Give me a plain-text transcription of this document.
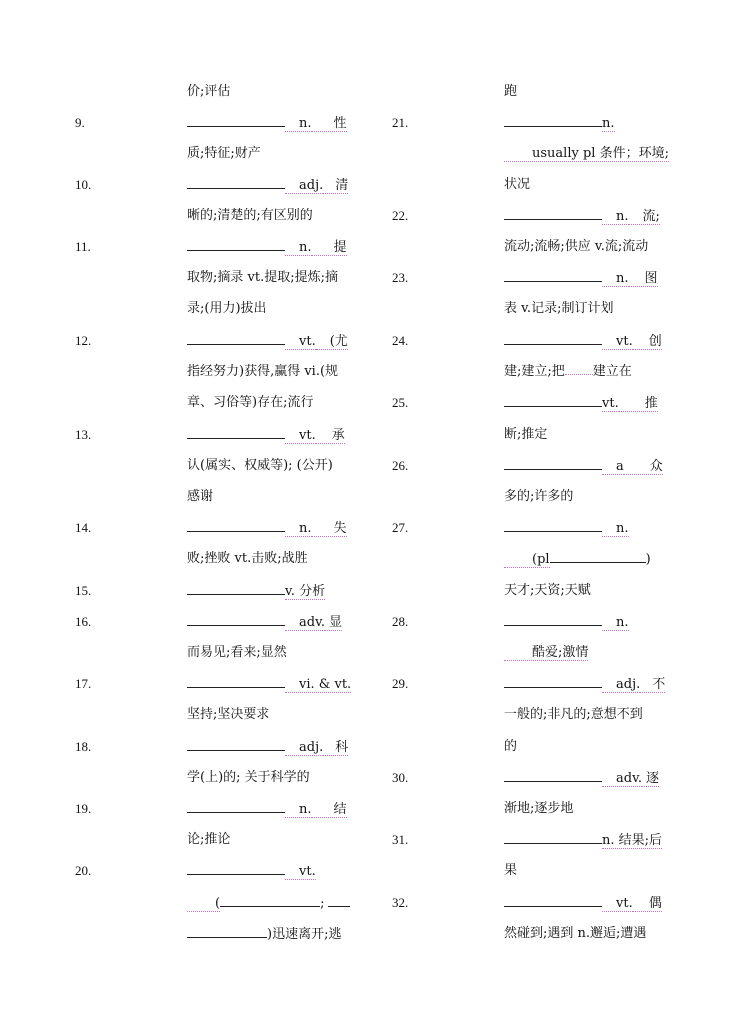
价;评估
9.	n. 性
质;特征;财产
10.	adj. 清
晰的;清楚的;有区别的
11.	n. 提
取物;摘录 vt.提取;提炼;摘
录;(用力)拔出
12.	vt. (尤
指经努力)获得,赢得 vi.(规
章、习俗等)存在;流行
13.	vt. 承
认(属实、权威等); (公开)
感谢
14.	n. 失
败;挫败 vt.击败;战胜
15.	v. 分析
16.	adv. 显
而易见;看来;显然
17.	vi. & vt.
坚持;坚决要求
18.	adj. 科
学(上)的; 关于科学的
19.	n. 结
论;推论
20.	vt.
(	;
)迅速离开;逃
跑
21.	n.
usually pl 条件；环境;
状况
22.	n. 流;
流动;流畅;供应 v.流;流动
23.	n. 图
表 v.记录;制订计划
24.	vt. 创
建;建立;把 建立在
25.	vt. 推
断;推定
26.	a 众
多的;许多的
27.	n.
(pl	)
天才;天资;天赋
28.	n.
酷爱;激情
29.	adj. 不
一般的;非凡的;意想不到
的
30.	adv. 逐
渐地;逐步地
31.	n. 结果;后
果
32.	vt. 偶
然碰到;遇到 n.邂逅;遭遇
